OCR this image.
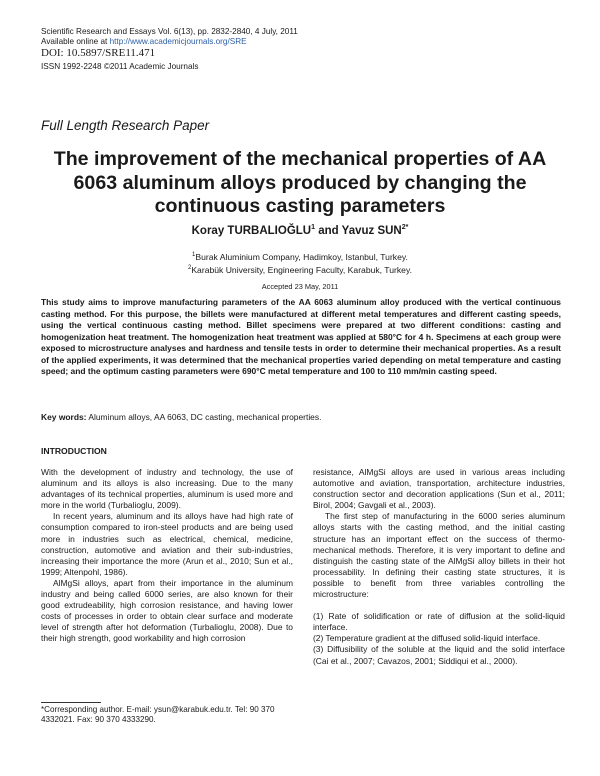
Scientific Research and Essays Vol. 6(13), pp. 2832-2840, 4 July, 2011
Available online at http://www.academicjournals.org/SRE
DOI: 10.5897/SRE11.471
ISSN 1992-2248 ©2011 Academic Journals
Full Length Research Paper
The improvement of the mechanical properties of AA 6063 aluminum alloys produced by changing the continuous casting parameters
Koray TURBALIOĞLU$^1$ and Yavuz $SUN^{2*}$
$^1$Burak Aluminium Company, Hadimkoy, Istanbul, Turkey.
$^2$Karabük University, Engineering Faculty, Karabuk, Turkey.
Accepted 23 May, 2011

This study aims to improve manufacturing parameters of the AA 6063 aluminum alloy produced with the vertical continuous casting method. For this purpose, the billets were manufactured at different metal temperatures and different casting speeds, using the vertical continuous casting method. Billet specimens were prepared at two different conditions: casting and homogenization heat treatment. The homogenization heat treatment was applied at 580°C for 4 h. Specimens at each group were exposed to microstructure analyses and hardness and tensile tests in order to determine their mechanical properties. As a result of the applied experiments, it was determined that the mechanical properties varied depending on metal temperature and casting speed; and the optimum casting parameters were 690°C metal temperature and 100 to 110 mm/min casting speed.

Key words: Aluminum alloys, AA 6063, DC casting, mechanical properties.
INTRODUCTION

With the development of industry and technology, the use of aluminum and its alloys is also increasing. Due to the many advantages of its technical properties, aluminum is used more and more in the world (Turbalioglu, 2009).

In recent years, aluminum and its alloys have had high rate of consumption compared to iron-steel products and are being used more in industries such as electrical, chemical, medicine, construction, automotive and aviation and their sub-industries, increasing their importance the more (Arun et al., 2010; Sun et al., 1999; Altenpohl, 1986).

AlMgSi alloys, apart from their importance in the aluminum industry and being called 6000 series, are also known for their good extrudeability, high corrosion resistance, and having lower costs of processes in order to obtain clear surface and moderate level of strength after hot deformation (Turbalioglu, 2008). Due to their high strength, good workability and high corrosion

resistance, AlMgSi alloys are used in various areas including automotive and aviation, transportation, architecture industries, construction sector and decoration applications (Sun et al., 2011; Birol, 2004; Gavgali et al., 2003).

The first step of manufacturing in the 6000 series aluminum alloys starts with the casting method, and the initial casting structure has an important effect on the success of thermo-mechanical methods. Therefore, it is very important to define and distinguish the casting state of the AlMgSi alloy billets in their hot processability. In defining their casting state structures, it is possible to benefit from three variables controlling the microstructure:

(1) Rate of solidification or rate of diffusion at the solid-liquid interface.

(2) Temperature gradient at the diffused solid-liquid interface.

(3) Diffusibility of the soluble at the liquid and the solid interface (Cai et al., 2007; Cavazos, 2001; Siddiqui et al., 2000).

*Corresponding author. E-mail: ysun@karabuk.edu.tr. Tel: 90 370 4332021. Fax: 90 370 4333290.
